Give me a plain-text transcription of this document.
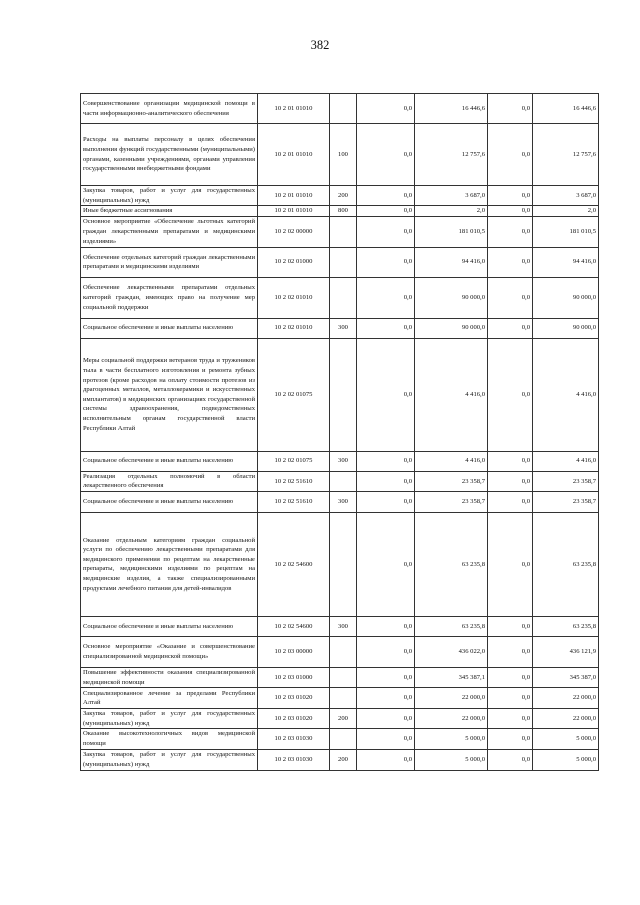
382
Совершенствование организации медицинской помощи в части информационно-аналитического обеспечения	10 2 01 01010		0,0	16 446,6	0,0	16 446,6
Расходы на выплаты персоналу в целях обеспечения выполнения функций государственными (муниципальными) органами, казенными учреждениями, органами управления государственными внебюджетными фондами	10 2 01 01010	100	0,0	12 757,6	0,0	12 757,6
Закупка товаров, работ и услуг для государственных (муниципальных) нужд	10 2 01 01010	200	0,0	3 687,0	0,0	3 687,0
Иные бюджетные ассигнования	10 2 01 01010	800	0,0	2,0	0,0	2,0
Основное мероприятие «Обеспечение льготных категорий граждан лекарственными препаратами и медицинскими изделиями»	10 2 02 00000		0,0	181 010,5	0,0	181 010,5
Обеспечение отдельных категорий граждан лекарственными препаратами и медицинскими изделиями	10 2 02 01000		0,0	94 416,0	0,0	94 416,0
Обеспечение лекарственными препаратами отдельных категорий граждан, имеющих право на получение мер социальной поддержки	10 2 02 01010		0,0	90 000,0	0,0	90 000,0
Социальное обеспечение и иные выплаты населению	10 2 02 01010	300	0,0	90 000,0	0,0	90 000,0
Меры социальной поддержки ветеранов труда и тружеников тыла в части бесплатного изготовления и ремонта зубных протезов (кроме расходов на оплату стоимости протезов из драгоценных металлов, металлокерамики и искусственных имплантатов) в медицинских организациях государственной системы здравоохранения, подведомственных исполнительным органам государственной власти Республики Алтай	10 2 02 01075		0,0	4 416,0	0,0	4 416,0
Социальное обеспечение и иные выплаты населению	10 2 02 01075	300	0,0	4 416,0	0,0	4 416,0
Реализация отдельных полномочий в области лекарственного обеспечения	10 2 02 51610		0,0	23 358,7	0,0	23 358,7
Социальное обеспечение и иные выплаты населению	10 2 02 51610	300	0,0	23 358,7	0,0	23 358,7
Оказание отдельным категориям граждан социальной услуги по обеспечению лекарственными препаратами для медицинского применения по рецептам на лекарственные препараты, медицинскими изделиями по рецептам на медицинские изделия, а также специализированными продуктами лечебного питания для детей-инвалидов	10 2 02 54600		0,0	63 235,8	0,0	63 235,8
Социальное обеспечение и иные выплаты населению	10 2 02 54600	300	0,0	63 235,8	0,0	63 235,8
Основное мероприятие «Оказание и совершенствование специализированной медицинской помощи»	10 2 03 00000		0,0	436 022,0	0,0	436 121,9
Повышение эффективности оказания специализированной медицинской помощи	10 2 03 01000		0,0	345 387,1	0,0	345 387,0
Специализированное лечение за пределами Республики Алтай	10 2 03 01020		0,0	22 000,0	0,0	22 000,0
Закупка товаров, работ и услуг для государственных (муниципальных) нужд	10 2 03 01020	200	0,0	22 000,0	0,0	22 000,0
Оказание высокотехнологичных видов медицинской помощи	10 2 03 01030		0,0	5 000,0	0,0	5 000,0
Закупка товаров, работ и услуг для государственных (муниципальных) нужд	10 2 03 01030	200	0,0	5 000,0	0,0	5 000,0
